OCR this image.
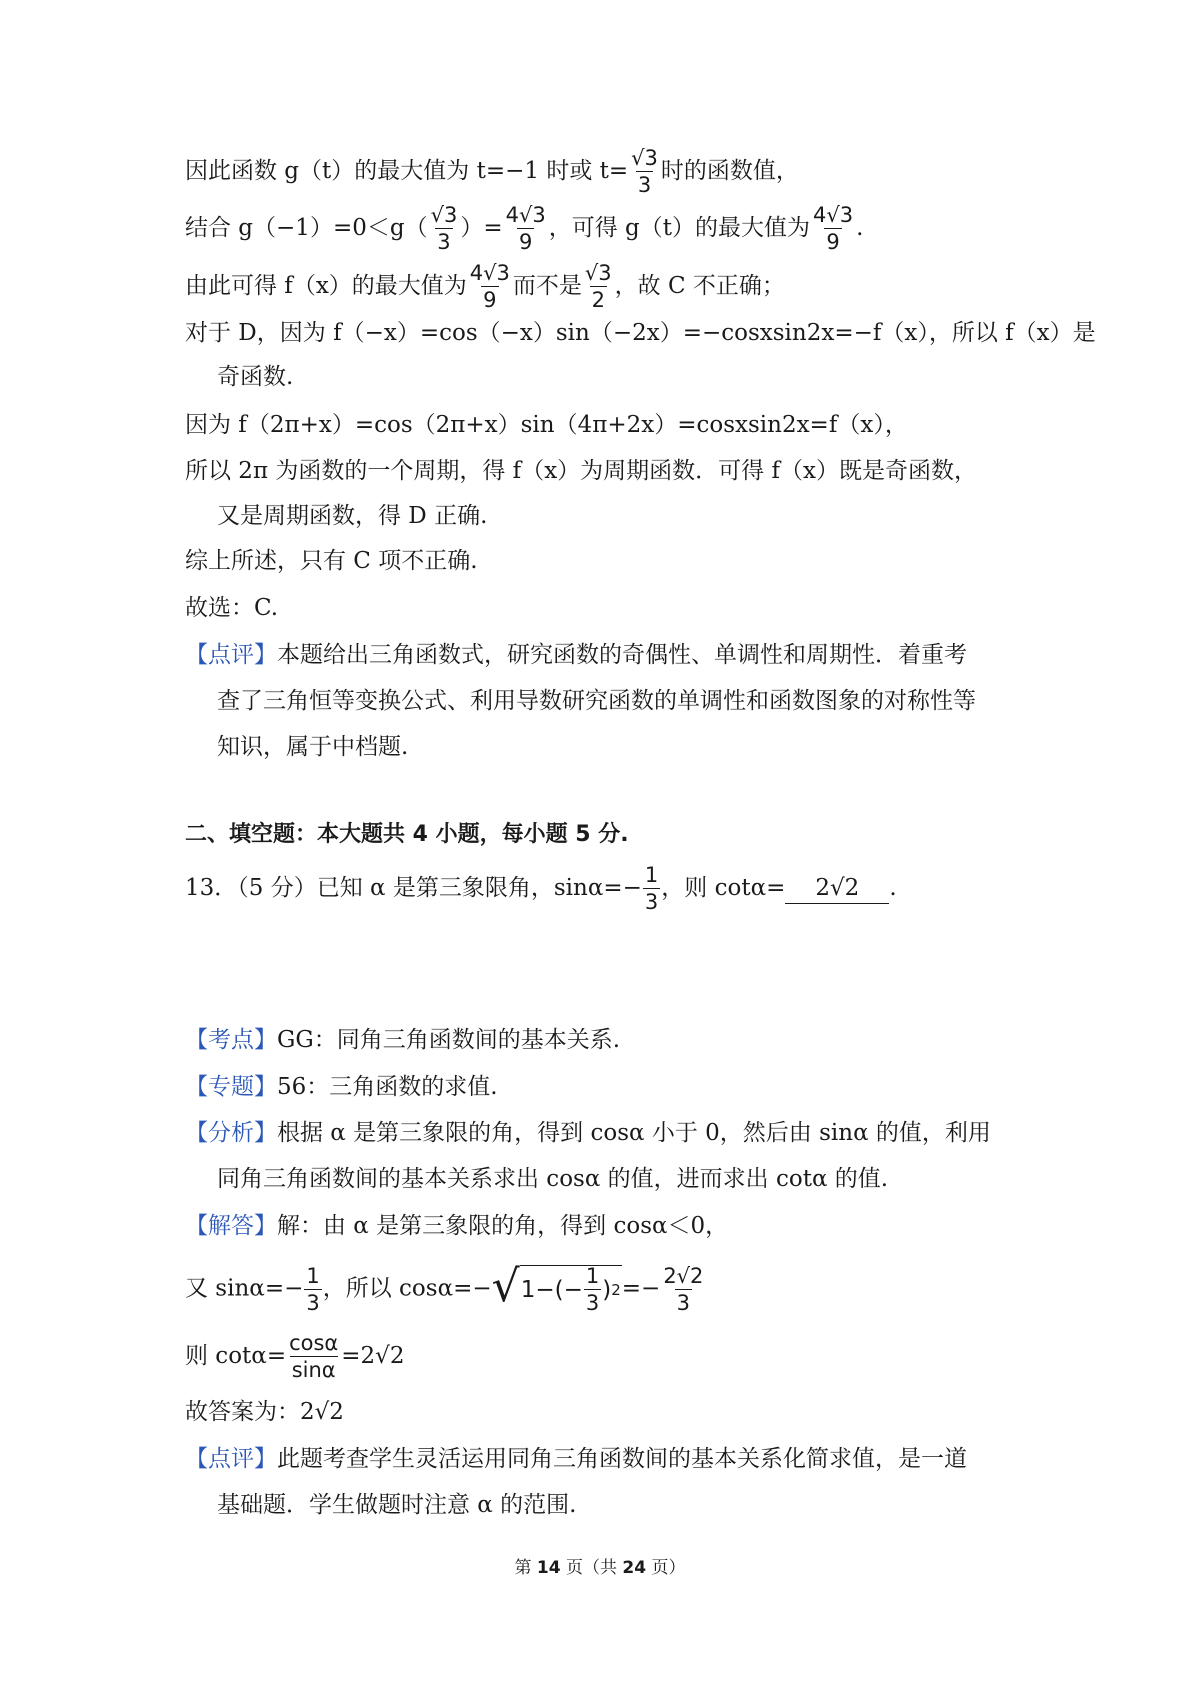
因此函数 g（t）的最大值为 t=−1 时或 $t= \frac{√3}{3}$ 时的函数值，
结合 $g(-1)=0<g( \frac{√3}{3}$ ）= $\frac{4√3}{9}$ ，可得 g（t）的最大值为 $\frac{4√3}{9}$ .
由此可得 f（x）的最大值为 $\frac{4√3}{9}$ 而不是 $\frac{√3}{2}$ ，故 C 不正确；
对于 D，因为 f（−x）=cos（−x）sin（−2x）=−cosxsin2x=−f（x），所以 f（x）是
奇函数.
因为 f（2π+x）=cos（2π+x）sin（4π+2x）=cosxsin2x=f（x），
所以 2π 为函数的一个周期，得 f（x）为周期函数．可得 f（x）既是奇函数，
又是周期函数，得 D 正确.
综上所述，只有 C 项不正确.
故选：C.
【点评】本题给出三角函数式，研究函数的奇偶性、单调性和周期性．着重考
查了三角恒等变换公式、利用导数研究函数的单调性和函数图象的对称性等
知识，属于中档题.
二、填空题：本大题共 4 小题，每小题 5 分.
13．（5 分）已知 α 是第三象限角，$\sin\alpha=- \frac{1}{3}$ ，则 cotα= 2√2 .
【考点】GG：同角三角函数间的基本关系.
【专题】56：三角函数的求值.
【分析】根据 α 是第三象限的角，得到 cosα 小于 0，然后由 sinα 的值，利用
同角三角函数间的基本关系求出 cosα 的值，进而求出 cotα 的值.
【解答】解：由 α 是第三象限的角，得到 cosα＜0，
又 $\sin\alpha=- \frac{1}{3}$ ，所以 cosα=− √ $1-(- \frac{1}{3}$ ) $2 =- \frac{2√2}{3}$
则 $\cot\alpha= \frac{\cos\alpha}{\sin\alpha} =2√2$
故答案为：2√2
【点评】此题考查学生灵活运用同角三角函数间的基本关系化简求值，是一道
基础题．学生做题时注意 α 的范围.
第 14 页（共 24 页）
